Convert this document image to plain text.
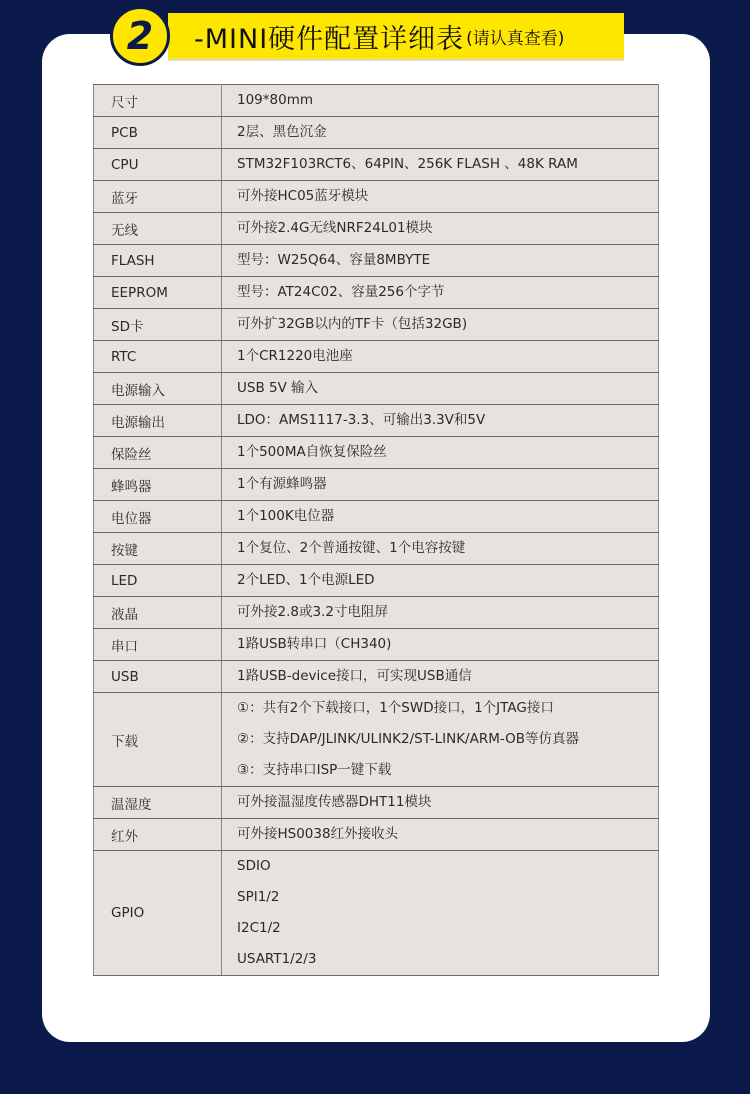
-MINI硬件配置详细表 (请认真查看)
2
尺寸	109*80mm

PCB	2层、黑色沉金

CPU	STM32F103RCT6、64PIN、256K FLASH 、48K RAM

蓝牙	可外接HC05蓝牙模块

无线	可外接2.4G无线NRF24L01模块

FLASH	型号：W25Q64、容量8MBYTE

EEPROM	型号：AT24C02、容量256个字节

SD卡	可外扩32GB以内的TF卡（包括32GB)

RTC	1个CR1220电池座

电源输入	USB 5V 输入

电源输出	LDO：AMS1117-3.3、可输出3.3V和5V

保险丝	1个500MA自恢复保险丝

蜂鸣器	1个有源蜂鸣器

电位器	1个100K电位器

按键	1个复位、2个普通按键、1个电容按键

LED	2个LED、1个电源LED

液晶	可外接2.8或3.2寸电阻屏

串口	1路USB转串口（CH340)

USB	1路USB-device接口，可实现USB通信

下载	①：共有2个下载接口，1个SWD接口，1个JTAG接口
②：支持DAP/JLINK/ULINK2/ST-LINK/ARM-OB等仿真器
③：支持串口ISP一键下载

温湿度	可外接温湿度传感器DHT11模块

红外	可外接HS0038红外接收头

GPIO	SDIO
SPI1/2
I2C1/2
USART1/2/3
